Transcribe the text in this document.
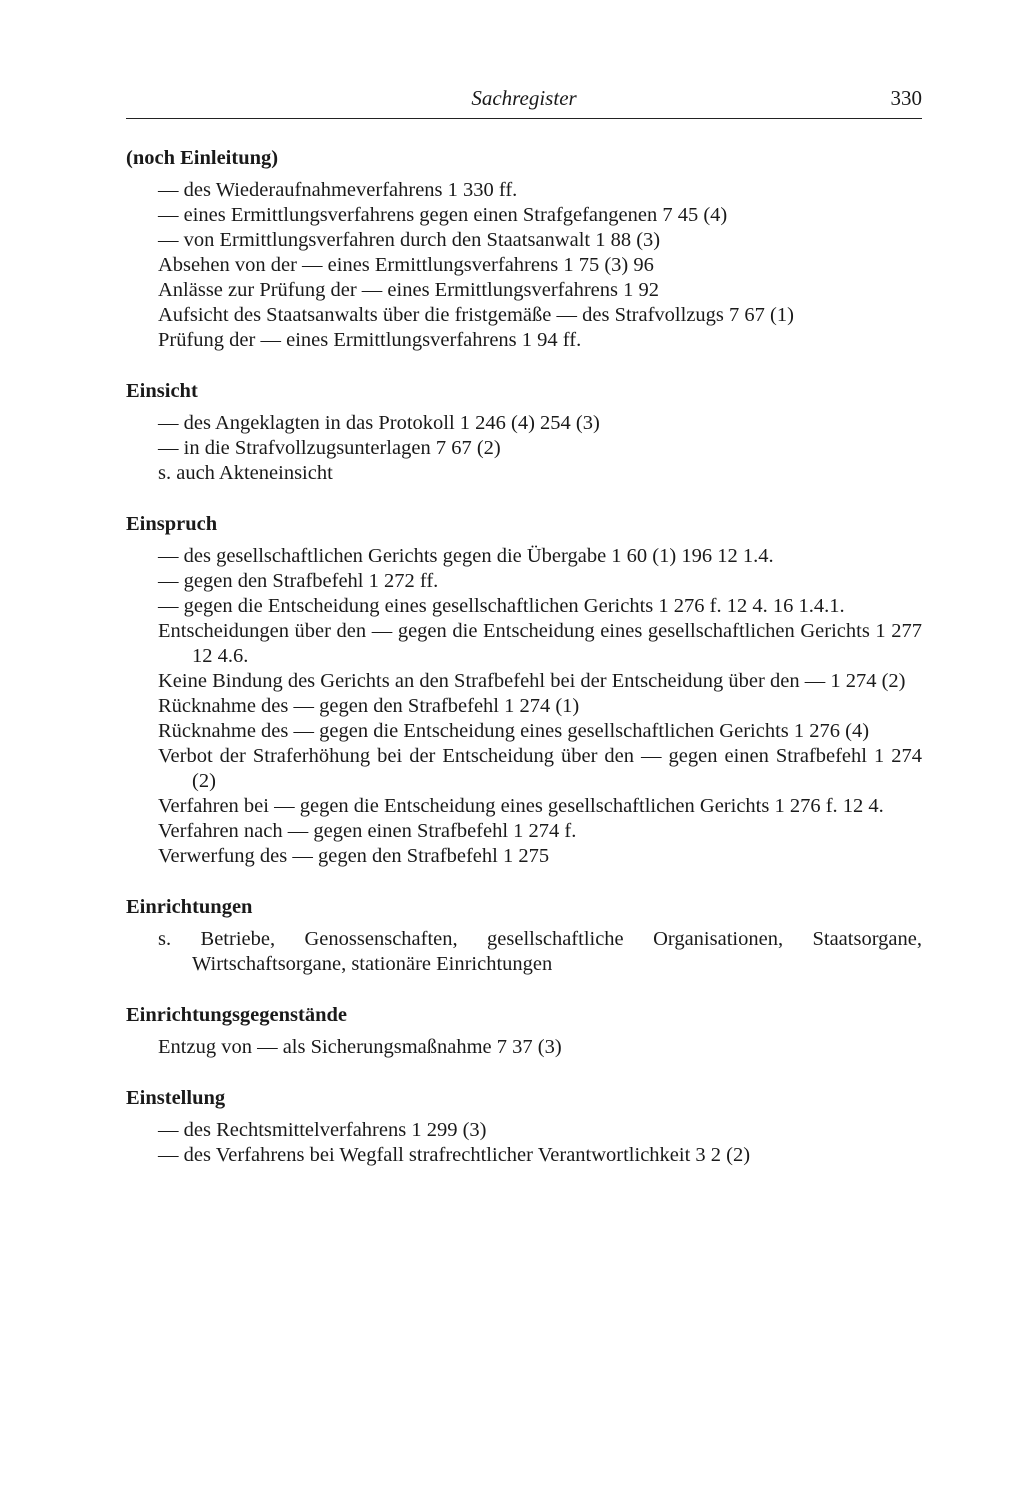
Sachregister	330
(noch Einleitung)
— des Wiederaufnahmeverfahrens 1 330 ff.
— eines Ermittlungsverfahrens gegen einen Strafgefangenen 7 45 (4)
— von Ermittlungsverfahren durch den Staatsanwalt 1 88 (3)
Absehen von der — eines Ermittlungsverfahrens 1 75 (3) 96
Anlässe zur Prüfung der — eines Ermittlungsverfahrens 1 92
Aufsicht des Staatsanwalts über die fristgemäße — des Strafvollzugs 7 67 (1)
Prüfung der — eines Ermittlungsverfahrens 1 94 ff.
Einsicht
— des Angeklagten in das Protokoll 1 246 (4) 254 (3)
— in die Strafvollzugsunterlagen 7 67 (2)
s. auch Akteneinsicht
Einspruch
— des gesellschaftlichen Gerichts gegen die Übergabe 1 60 (1) 196 12 1.4.
— gegen den Strafbefehl 1 272 ff.
— gegen die Entscheidung eines gesellschaftlichen Gerichts 1 276 f. 12 4. 16 1.4.1.
Entscheidungen über den — gegen die Entscheidung eines gesellschaftlichen Gerichts 1 277 12 4.6.
Keine Bindung des Gerichts an den Strafbefehl bei der Entscheidung über den — 1 274 (2)
Rücknahme des — gegen den Strafbefehl 1 274 (1)
Rücknahme des — gegen die Entscheidung eines gesellschaftlichen Gerichts 1 276 (4)
Verbot der Straferhöhung bei der Entscheidung über den — gegen einen Strafbefehl 1 274 (2)
Verfahren bei — gegen die Entscheidung eines gesellschaftlichen Gerichts 1 276 f. 12 4.
Verfahren nach — gegen einen Strafbefehl 1 274 f.
Verwerfung des — gegen den Strafbefehl 1 275
Einrichtungen
s. Betriebe, Genossenschaften, gesellschaftliche Organisationen, Staatsorgane, Wirtschaftsorgane, stationäre Einrichtungen
Einrichtungsgegenstände
Entzug von — als Sicherungsmaßnahme 7 37 (3)
Einstellung
— des Rechtsmittelverfahrens 1 299 (3)
— des Verfahrens bei Wegfall strafrechtlicher Verantwortlichkeit 3 2 (2)
